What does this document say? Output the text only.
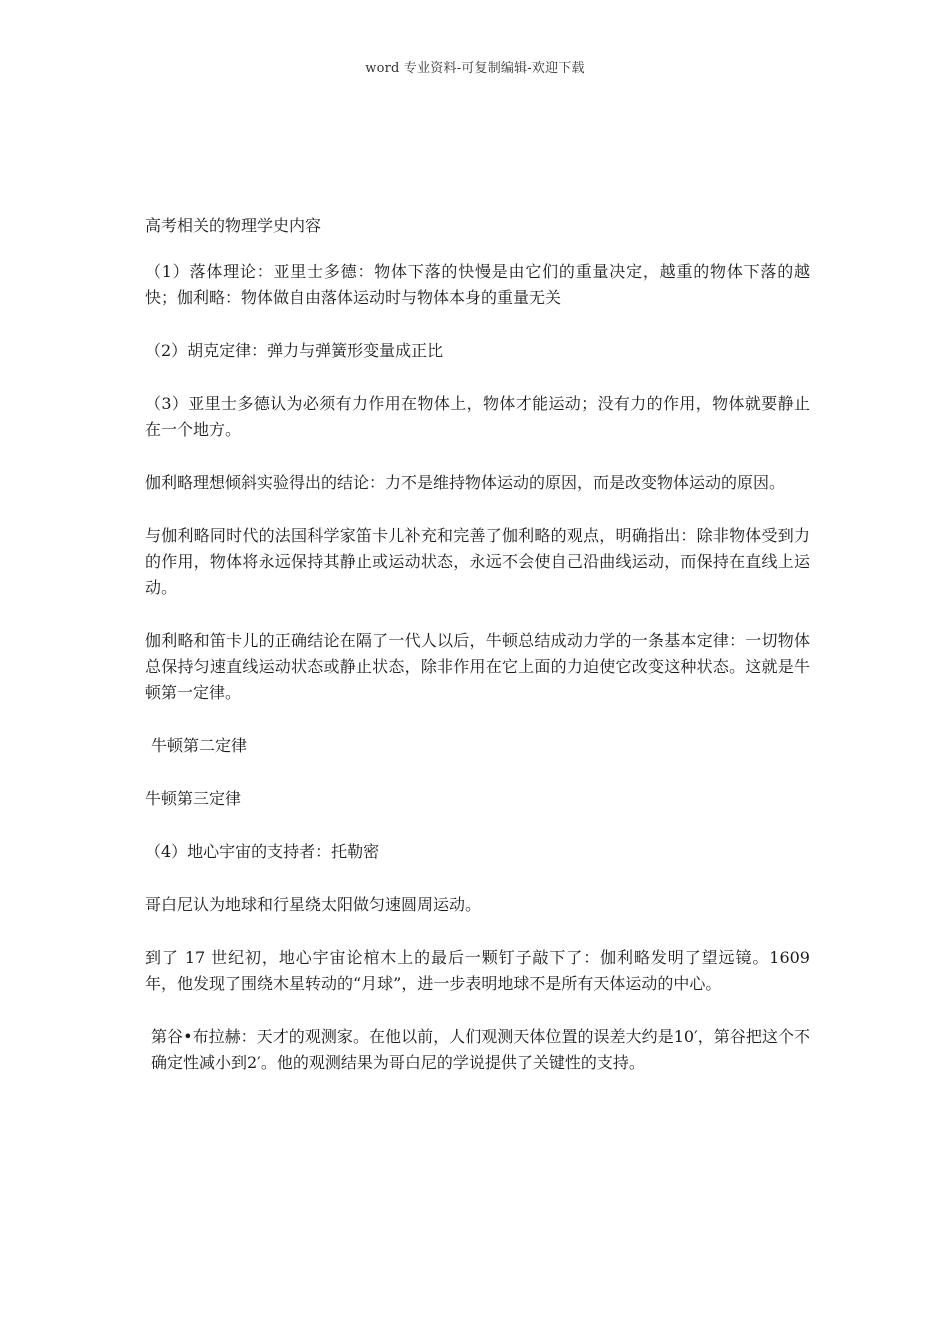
word 专业资料-可复制编辑-欢迎下载

高考相关的物理学史内容

（1）落体理论：亚里士多德：物体下落的快慢是由它们的重量决定，越重的物体下落的越快；伽利略：物体做自由落体运动时与物体本身的重量无关

（2）胡克定律：弹力与弹簧形变量成正比

（3）亚里士多德认为必须有力作用在物体上，物体才能运动；没有力的作用，物体就要静止在一个地方。

伽利略理想倾斜实验得出的结论：力不是维持物体运动的原因，而是改变物体运动的原因。

与伽利略同时代的法国科学家笛卡儿补充和完善了伽利略的观点，明确指出：除非物体受到力的作用，物体将永远保持其静止或运动状态，永远不会使自己沿曲线运动，而保持在直线上运动。

伽利略和笛卡儿的正确结论在隔了一代人以后，牛顿总结成动力学的一条基本定律：一切物体总保持匀速直线运动状态或静止状态，除非作用在它上面的力迫使它改变这种状态。这就是牛顿第一定律。

牛顿第二定律

牛顿第三定律

（4）地心宇宙的支持者：托勒密

哥白尼认为地球和行星绕太阳做匀速圆周运动。

到了 17 世纪初，地心宇宙论棺木上的最后一颗钉子敲下了：伽利略发明了望远镜。1609 年，他发现了围绕木星转动的“月球”，进一步表明地球不是所有天体运动的中心。

第谷•布拉赫：天才的观测家。在他以前，人们观测天体位置的误差大约是10′，第谷把这个不确定性减小到2′。他的观测结果为哥白尼的学说提供了关键性的支持。
